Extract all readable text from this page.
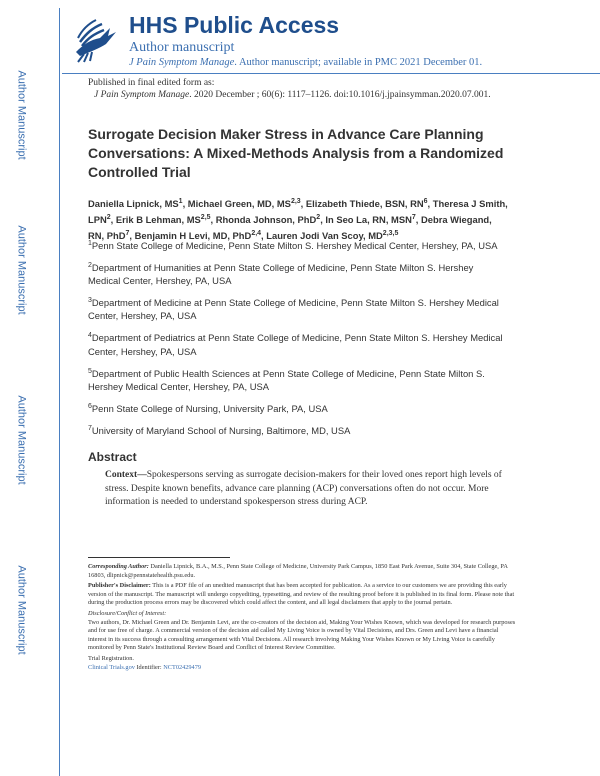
Author Manuscript
Author Manuscript
Author Manuscript
Author Manuscript
HHS Public Access
Author manuscript
J Pain Symptom Manage. Author manuscript; available in PMC 2021 December 01.
Published in final edited form as:
J Pain Symptom Manage. 2020 December ; 60(6): 1117–1126. doi:10.1016/j.jpainsymman.2020.07.001.
Surrogate Decision Maker Stress in Advance Care Planning Conversations: A Mixed-Methods Analysis from a Randomized Controlled Trial
Daniella Lipnick, $MS^1$, Michael Green, MD, MS$^{2,3}$, Elizabeth Thiede, BSN, $RN^6$, Theresa J Smith, LPN$^2$, Erik B Lehman, MS$^{2,5}$, Rhonda Johnson, PhD$^2$, In Seo La, RN, MSN$^7$, Debra Wiegand, RN, PhD$^7$, Benjamin H Levi, MD, PhD$^{2,4}$, Lauren Jodi Van Scoy, MD$^{2,3,5}$
$^1$Penn State College of Medicine, Penn State Milton S. Hershey Medical Center, Hershey, PA, USA
$^2$Department of Humanities at Penn State College of Medicine, Penn State Milton S. Hershey Medical Center, Hershey, PA, USA
$^3$Department of Medicine at Penn State College of Medicine, Penn State Milton S. Hershey Medical Center, Hershey, PA, USA
$^4$Department of Pediatrics at Penn State College of Medicine, Penn State Milton S. Hershey Medical Center, Hershey, PA, USA
$^5$Department of Public Health Sciences at Penn State College of Medicine, Penn State Milton S. Hershey Medical Center, Hershey, PA, USA
$^6$Penn State College of Nursing, University Park, PA, USA
$^7$University of Maryland School of Nursing, Baltimore, MD, USA
Abstract
Context—Spokespersons serving as surrogate decision-makers for their loved ones report high levels of stress. Despite known benefits, advance care planning (ACP) conversations often do not occur. More information is needed to understand spokesperson stress during ACP.

Corresponding Author: Daniella Lipnick, B.A., M.S., Penn State College of Medicine, University Park Campus, 1850 East Park Avenue, Suite 304, State College, PA 16803, dlipnick@pennstatehealth.psu.edu.

Publisher's Disclaimer: This is a PDF file of an unedited manuscript that has been accepted for publication. As a service to our customers we are providing this early version of the manuscript. The manuscript will undergo copyediting, typesetting, and review of the resulting proof before it is published in its final form. Please note that during the production process errors may be discovered which could affect the content, and all legal disclaimers that apply to the journal pertain.

Disclosure/Conflict of Interest:

Two authors, Dr. Michael Green and Dr. Benjamin Levi, are the co-creators of the decision aid, Making Your Wishes Known, which was developed for research purposes and for use free of charge. A commercial version of the decision aid called My Living Voice is owned by Vital Decisions, and Drs. Green and Levi have a financial interest in its success through a consulting arrangement with Vital Decisions. All research involving Making Your Wishes Known or My Living Voice is carefully monitored by Penn State's Institutional Review Board and Conflict of Interest Review Committee.

Trial Registration.

Clinical Trials.gov Identifier: NCT02429479
